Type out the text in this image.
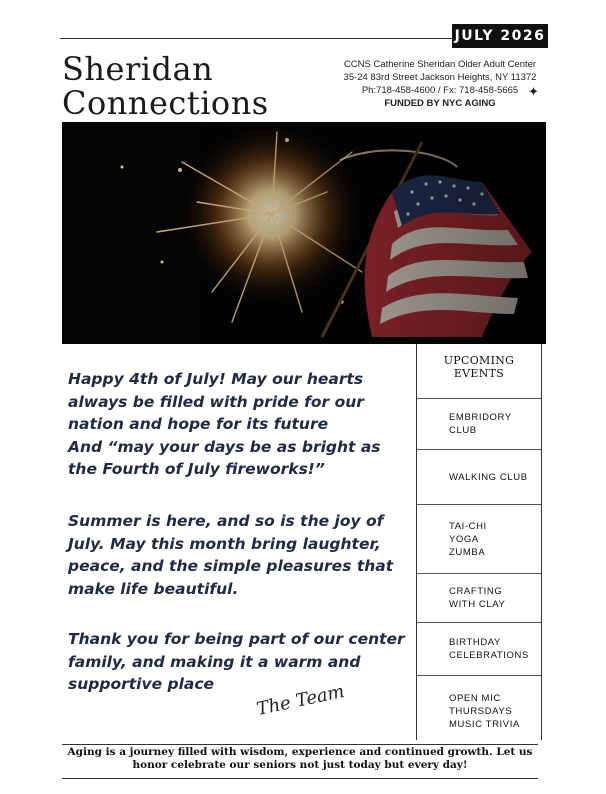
JULY 2026
Sheridan
Connections
CCNS Catherine Sheridan Older Adult Center
35-24 83rd Street Jackson Heights, NY 11372
Ph:718-458-4600 / Fx: 718-458-5665
FUNDED BY NYC AGING
✦
UPCOMING
EVENTS
EMBRIDORY
CLUB
WALKING CLUB
TAI-CHI
YOGA
ZUMBA
CRAFTING
WITH CLAY
BIRTHDAY
CELEBRATIONS
OPEN MIC
THURSDAYS
MUSIC TRIVIA

Happy 4th of July! May our hearts

always be filled with pride for our

nation and hope for its future

And “may your days be as bright as

the Fourth of July fireworks!”

Summer is here, and so is the joy of

July. May this month bring laughter,

peace, and the simple pleasures that

make life beautiful.

Thank you for being part of our center

family, and making it a warm and

supportive place	The Team
Aging is a journey filled with wisdom, experience and continued growth. Let us
honor celebrate our seniors not just today but every day!
